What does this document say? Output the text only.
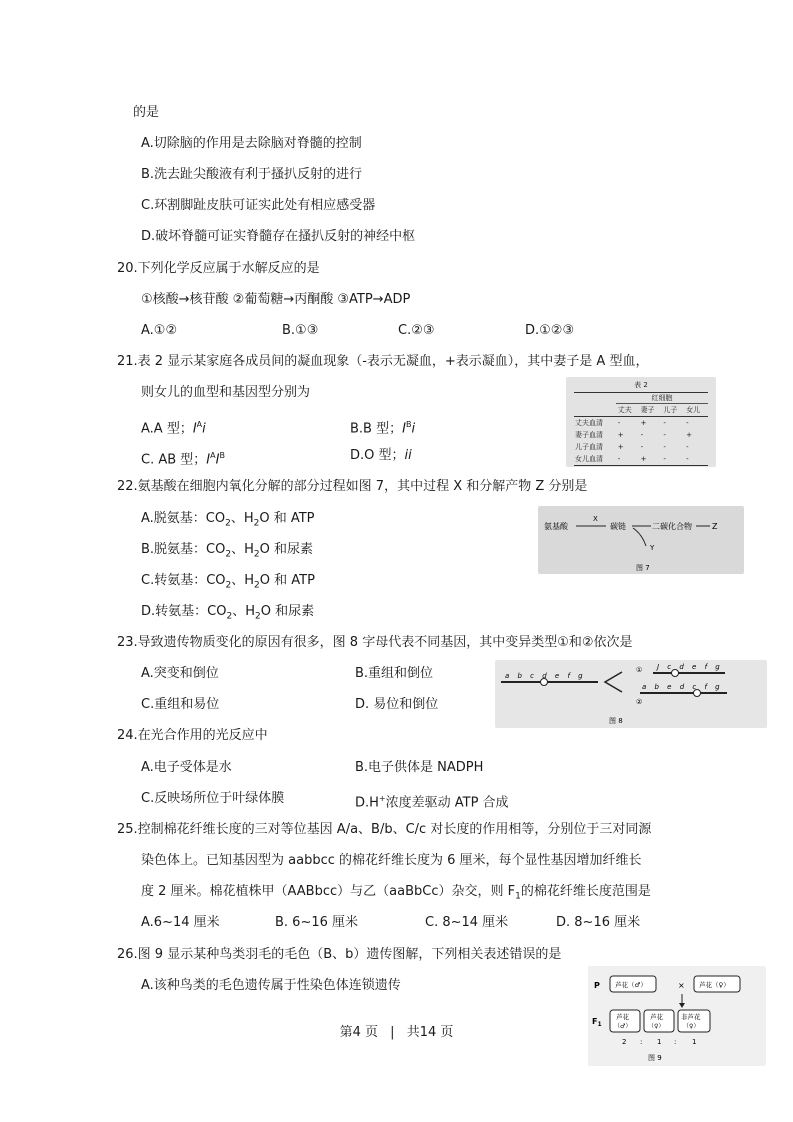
的是
A.切除脑的作用是去除脑对脊髓的控制
B.洗去趾尖酸液有利于搔扒反射的进行
C.环割脚趾皮肤可证实此处有相应感受器
D.破坏脊髓可证实脊髓存在搔扒反射的神经中枢
20.下列化学反应属于水解反应的是
①核酸→核苷酸 ②葡萄糖→丙酮酸 ③ATP→ADP
A.①②	B.①③	C.②③	D.①②③
21.表 2 显示某家庭各成员间的凝血现象（-表示无凝血，+表示凝血），其中妻子是 A 型血，
则女儿的血型和基因型分别为
A.A 型；$I^Ai$	B.B 型；$I^Bi$
C. AB 型；$I^AI^B$	D.O 型；ii
表 2
红细胞
	丈夫	妻子	儿子	女儿
丈夫血清	-	+	-	-
妻子血清	+	-	-	+
儿子血清	+	-	-	-
女儿血清	-	+	-	-
22.氨基酸在细胞内氧化分解的部分过程如图 7，其中过程 X 和分解产物 Z 分别是
A.脱氨基：$CO_2$、$H_2O$ 和 ATP
B.脱氨基：$CO_2$、$H_2O$ 和尿素
C.转氨基：$CO_2$、$H_2O$ 和 ATP
D.转氨基：$CO_2$、$H_2O$ 和尿素
氨基酸
X
碳链	二碳化合物	Z
Y
图 7
23.导致遗传物质变化的原因有很多，图 8 字母代表不同基因，其中变异类型①和②依次是
A.突变和倒位	B.重组和倒位
C.重组和易位	D. 易位和倒位
a b c d e f g
① J c d e f g
②
a b e d c f g
图 8
24.在光合作用的光反应中
A.电子受体是水	B.电子供体是 NADPH
C.反映场所位于叶绿体膜	D.H+浓度差驱动 ATP 合成
25.控制棉花纤维长度的三对等位基因 A/a、B/b、C/c 对长度的作用相等，分别位于三对同源
染色体上。已知基因型为 aabbcc 的棉花纤维长度为 6 厘米，每个显性基因增加纤维长
度 2 厘米。棉花植株甲（AABbcc）与乙（aaBbCc）杂交，则 $F_1$的棉花纤维长度范围是
A.6~14 厘米	B. 6~16 厘米	C. 8~14 厘米	D. 8~16 厘米
26.图 9 显示某种鸟类羽毛的毛色（B、b）遗传图解，下列相关表述错误的是
A.该种鸟类的毛色遗传属于性染色体连锁遗传	P 芦花（♂）	× 芦花（♀）
$F_1$
芦花
（♂）
芦花
（♀）
非芦花
（♀）
2 : 1 : 1
图 9
第4 页 | 共14 页
